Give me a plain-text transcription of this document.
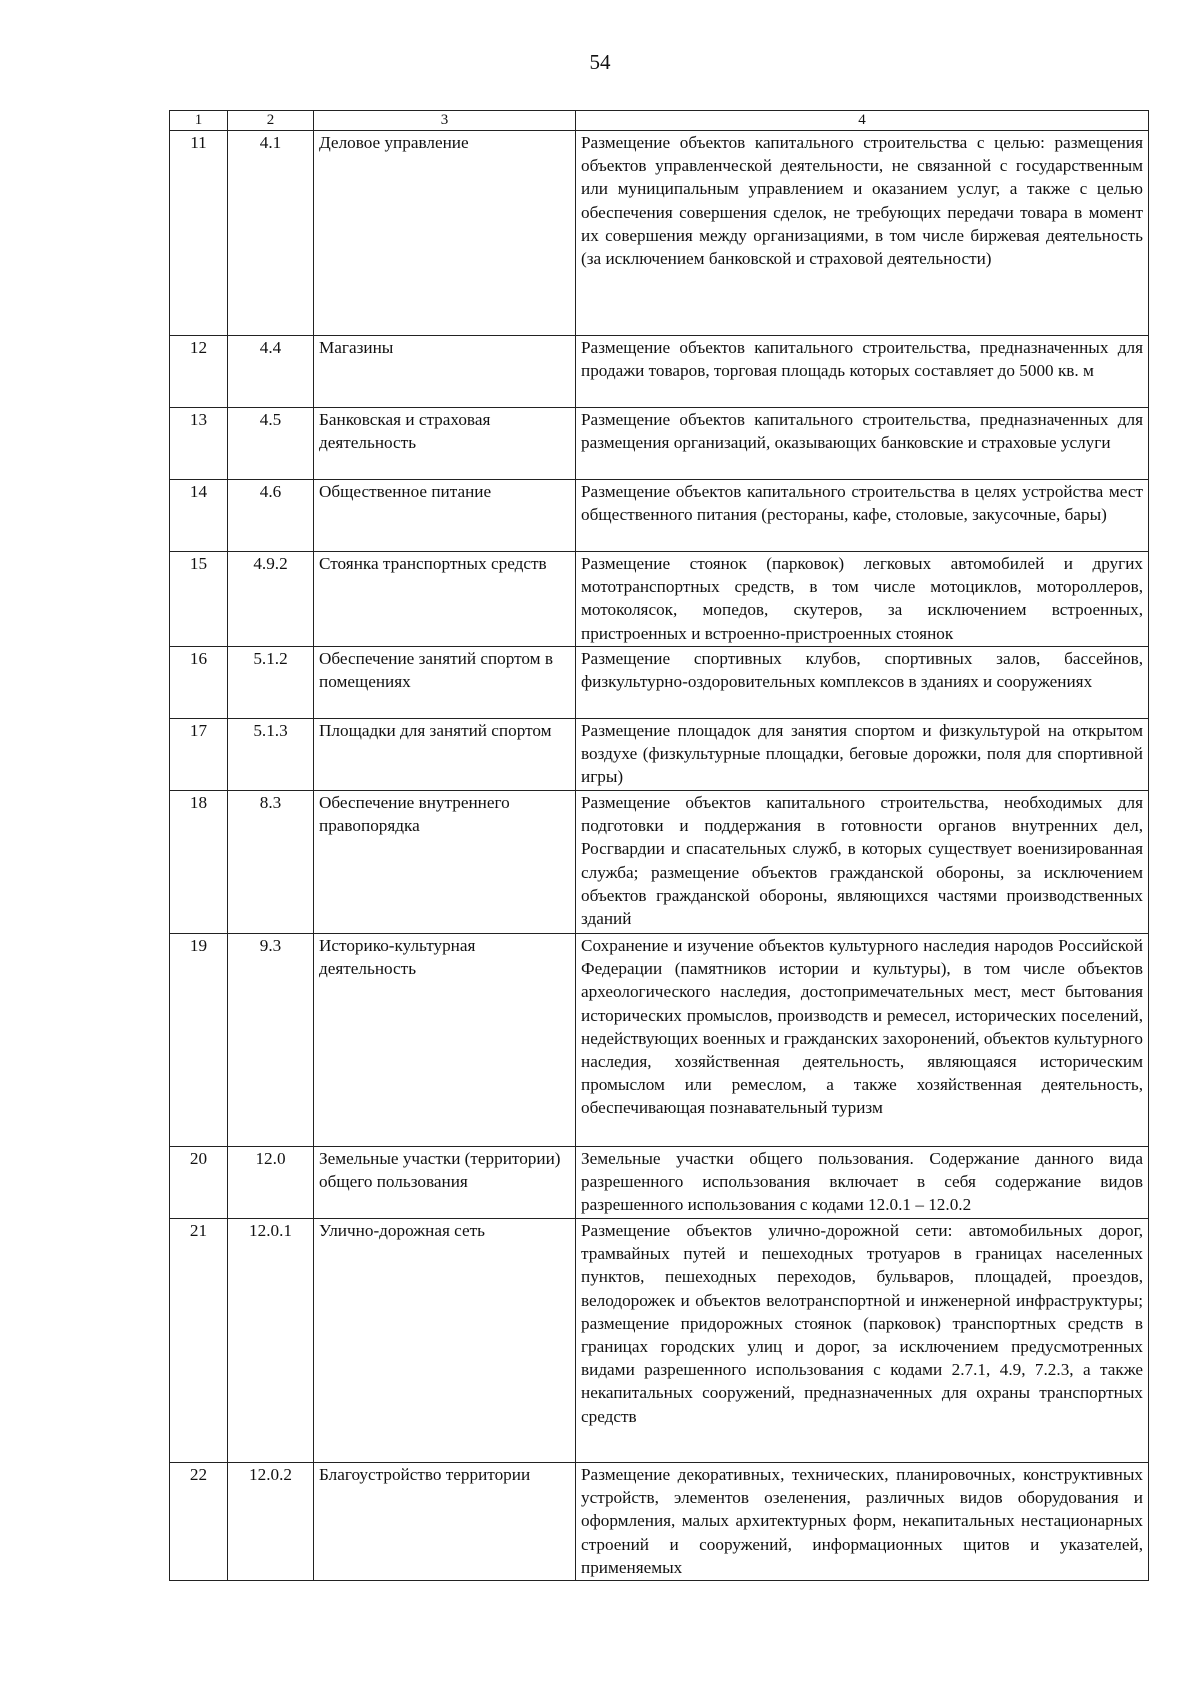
54
1	2	3	4
11	4.1	Деловое управление	Размещение объектов капитального строительства с целью: размещения объектов управленческой деятельности, не связанной с государственным или муниципальным управлением и оказанием услуг, а также с целью обеспечения совершения сделок, не требующих передачи товара в момент их совершения между организациями, в том числе биржевая деятельность (за исключением банковской и страховой деятельности)
12	4.4	Магазины	Размещение объектов капитального строительства, предназначенных для продажи товаров, торговая площадь которых составляет до 5000 кв. м
13	4.5	Банковская и страховая деятельность	Размещение объектов капитального строительства, предназначенных для размещения организаций, оказывающих банковские и страховые услуги
14	4.6	Общественное питание	Размещение объектов капитального строительства в целях устройства мест общественного питания (рестораны, кафе, столовые, закусочные, бары)
15	4.9.2	Стоянка транспортных средств	Размещение стоянок (парковок) легковых автомобилей и других мототранспортных средств, в том числе мотоциклов, мотороллеров, мотоколясок, мопедов, скутеров, за исключением встроенных, пристроенных и встроенно-пристроенных стоянок
16	5.1.2	Обеспечение занятий спортом в помещениях	Размещение спортивных клубов, спортивных залов, бассейнов, физкультурно-оздоровительных комплексов в зданиях и сооружениях
17	5.1.3	Площадки для занятий спортом	Размещение площадок для занятия спортом и физкультурой на открытом воздухе (физкультурные площадки, беговые дорожки, поля для спортивной игры)
18	8.3	Обеспечение внутреннего правопорядка	Размещение объектов капитального строительства, необходимых для подготовки и поддержания в готовности органов внутренних дел, Росгвардии и спасательных служб, в которых существует военизированная служба; размещение объектов гражданской обороны, за исключением объектов гражданской обороны, являющихся частями производственных зданий
19	9.3	Историко-культурная деятельность	Сохранение и изучение объектов культурного наследия народов Российской Федерации (памятников истории и культуры), в том числе объектов археологического наследия, достопримечательных мест, мест бытования исторических промыслов, производств и ремесел, исторических поселений, недействующих военных и гражданских захоронений, объектов культурного наследия, хозяйственная деятельность, являющаяся историческим промыслом или ремеслом, а также хозяйственная деятельность, обеспечивающая познавательный туризм
20	12.0	Земельные участки (территории) общего пользования	Земельные участки общего пользования. Содержание данного вида разрешенного использования включает в себя содержание видов разрешенного использования с кодами 12.0.1 – 12.0.2
21	12.0.1	Улично-дорожная сеть	Размещение объектов улично-дорожной сети: автомобильных дорог, трамвайных путей и пешеходных тротуаров в границах населенных пунктов, пешеходных переходов, бульваров, площадей, проездов, велодорожек и объектов велотранспортной и инженерной инфраструктуры; размещение придорожных стоянок (парковок) транспортных средств в границах городских улиц и дорог, за исключением предусмотренных видами разрешенного использования с кодами 2.7.1, 4.9, 7.2.3, а также некапитальных сооружений, предназначенных для охраны транспортных средств
22	12.0.2	Благоустройство территории	Размещение декоративных, технических, планировочных, конструктивных устройств, элементов озеленения, различных видов оборудования и оформления, малых архитектурных форм, некапитальных нестационарных строений и сооружений, информационных щитов и указателей, применяемых
